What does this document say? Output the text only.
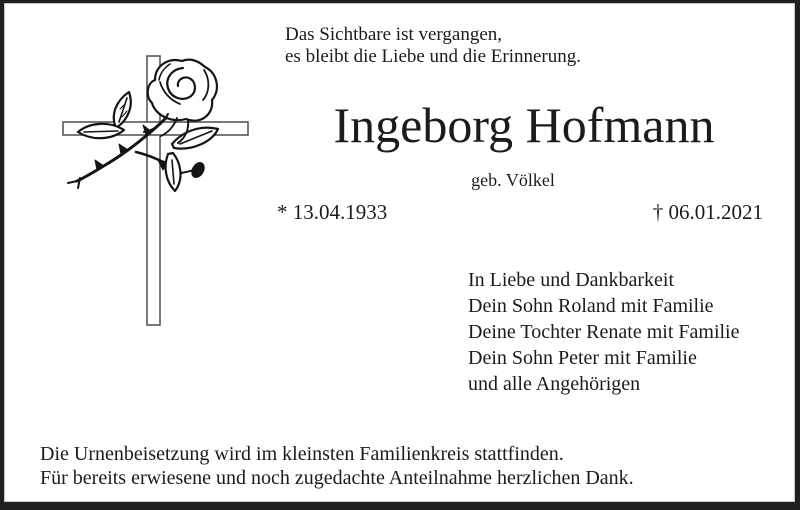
Das Sichtbare ist vergangen,
es bleibt die Liebe und die Erinnerung.
Ingeborg Hofmann
geb. Völkel
* 13.04.1933	† 06.01.2021
In Liebe und Dankbarkeit
Dein Sohn Roland mit Familie
Deine Tochter Renate mit Familie
Dein Sohn Peter mit Familie
und alle Angehörigen
Die Urnenbeisetzung wird im kleinsten Familienkreis stattfinden.
Für bereits erwiesene und noch zugedachte Anteilnahme herzlichen Dank.
